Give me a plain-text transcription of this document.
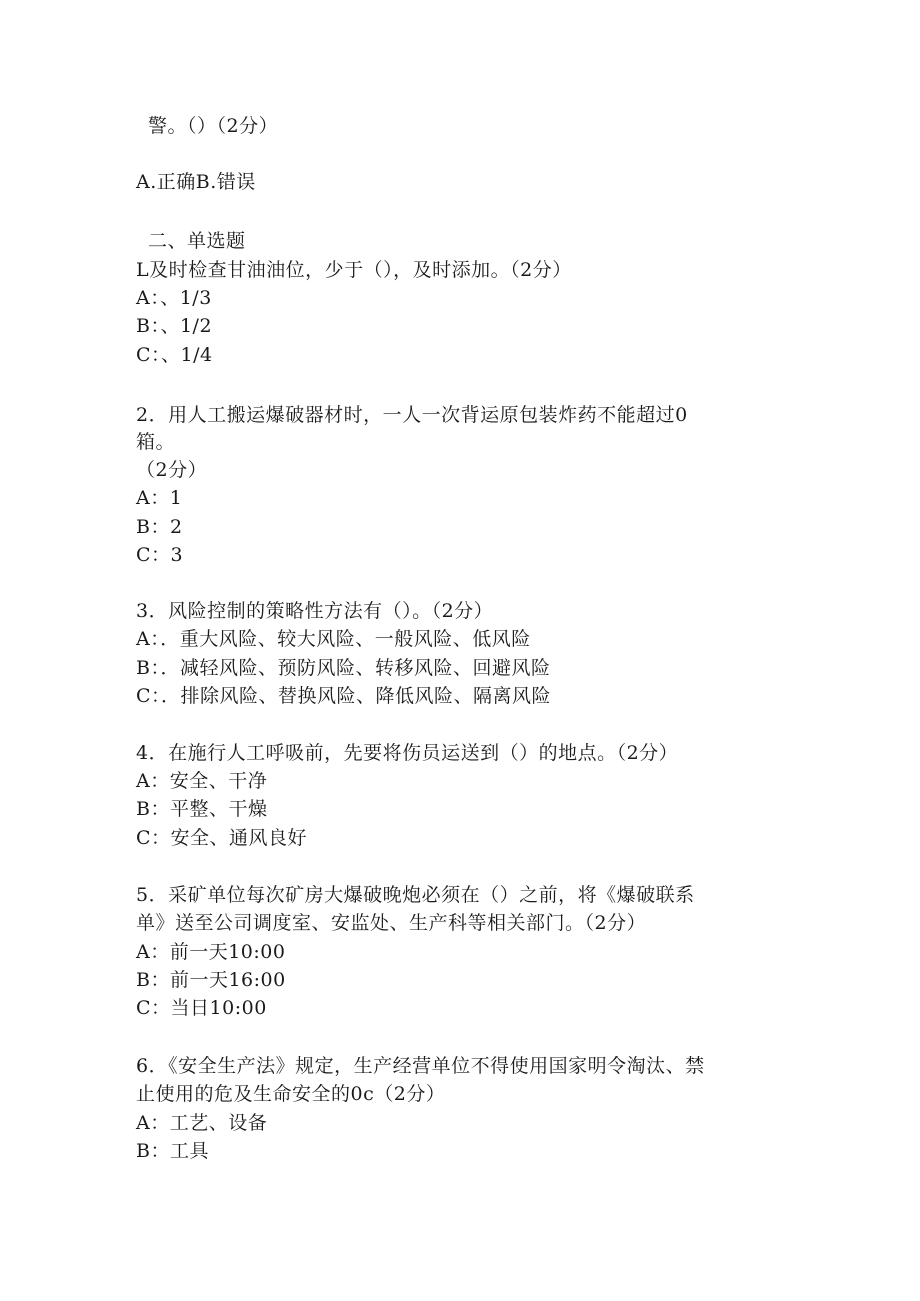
警。（）（2分）
A.正确B.错误
二、单选题
L及时检查甘油油位，少于（），及时添加。（2分）
A：、1/3
B：、1/2
C：、1/4
2．用人工搬运爆破器材时，一人一次背运原包装炸药不能超过0
箱。
（2分）
A：1
B：2
C：3
3．风险控制的策略性方法有（）。（2分）
A：．重大风险、较大风险、一般风险、低风险
B：．减轻风险、预防风险、转移风险、回避风险
C：．排除风险、替换风险、降低风险、隔离风险
4．在施行人工呼吸前，先要将伤员运送到（）的地点。（2分）
A：安全、干净
B：平整、干燥
C：安全、通风良好
5．采矿单位每次矿房大爆破晚炮必须在（）之前，将《爆破联系
单》送至公司调度室、安监处、生产科等相关部门。（2分）
A：前一天10:00
B：前一天16:00
C：当日10:00
6．《安全生产法》规定，生产经营单位不得使用国家明令淘汰、禁
止使用的危及生命安全的0c（2分）
A：工艺、设备
B：工具
